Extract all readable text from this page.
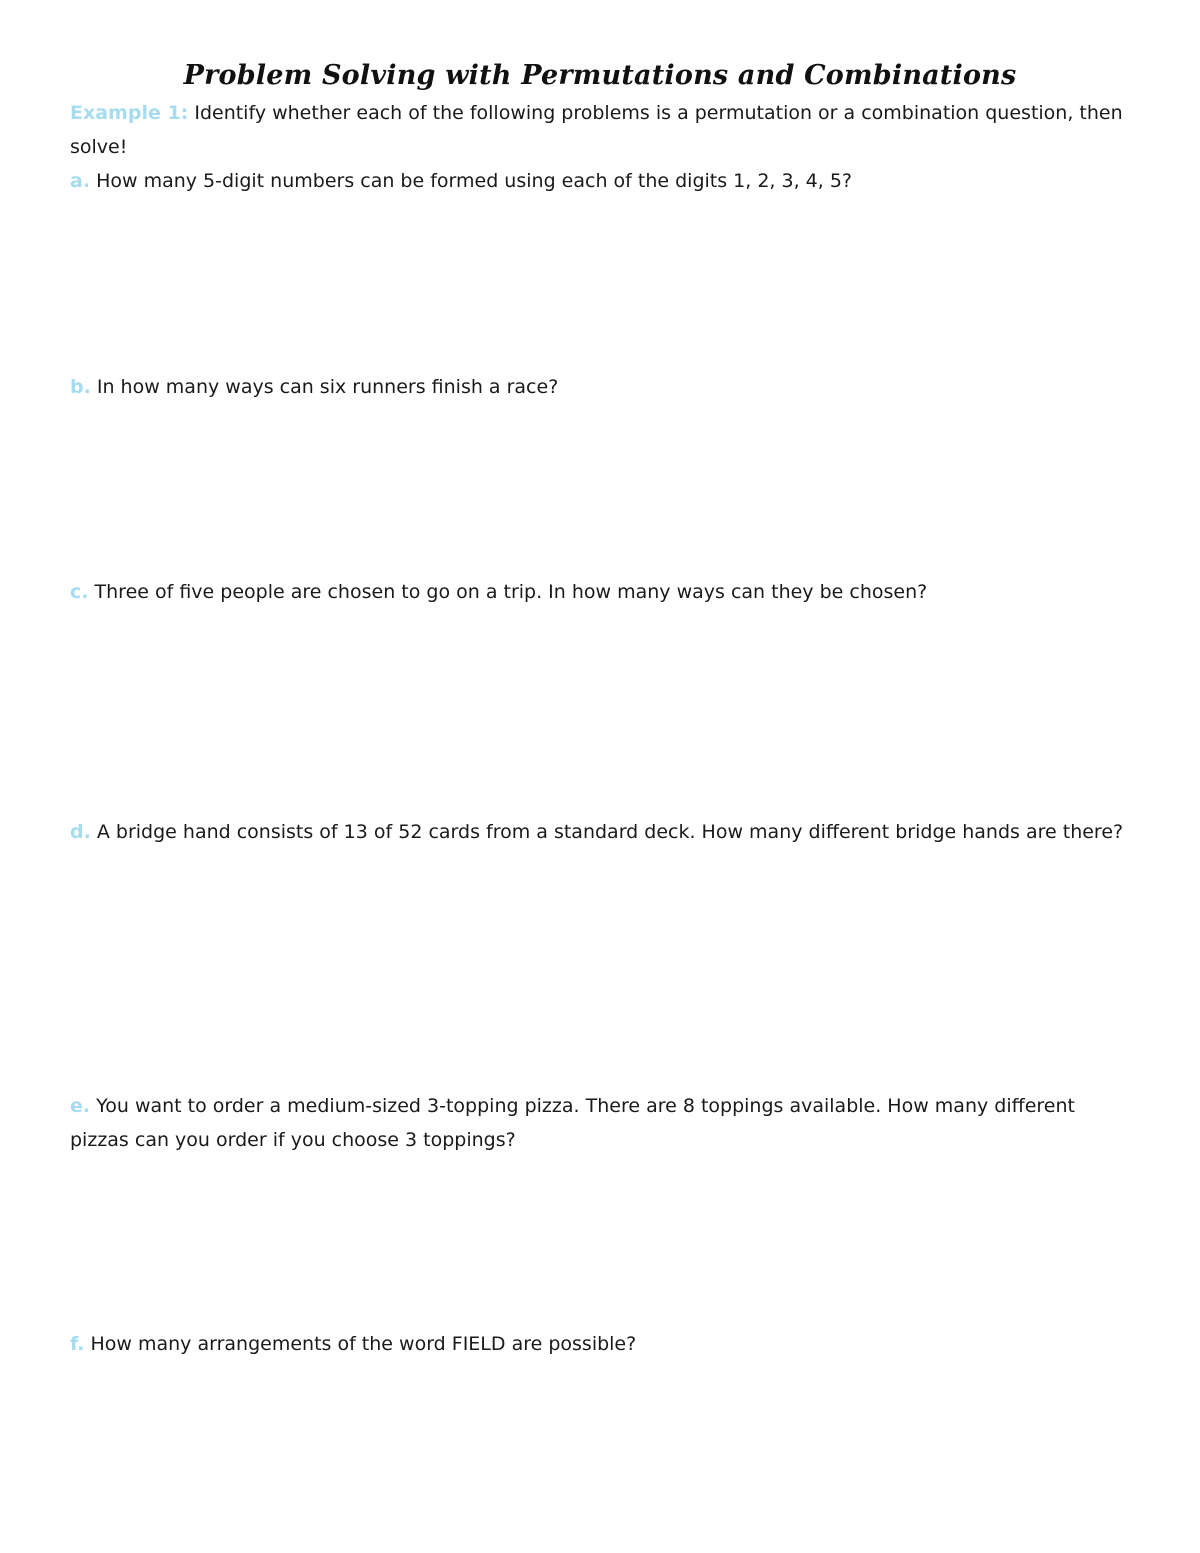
Problem Solving with Permutations and Combinations

Example 1: Identify whether each of the following problems is a permutation or a combination question, then solve!

a. How many 5-digit numbers can be formed using each of the digits 1, 2, 3, 4, 5?

b. In how many ways can six runners finish a race?

c. Three of five people are chosen to go on a trip. In how many ways can they be chosen?

d. A bridge hand consists of 13 of 52 cards from a standard deck. How many different bridge hands are there?

e. You want to order a medium-sized 3-topping pizza. There are 8 toppings available. How many different pizzas can you order if you choose 3 toppings?

f. How many arrangements of the word FIELD are possible?
